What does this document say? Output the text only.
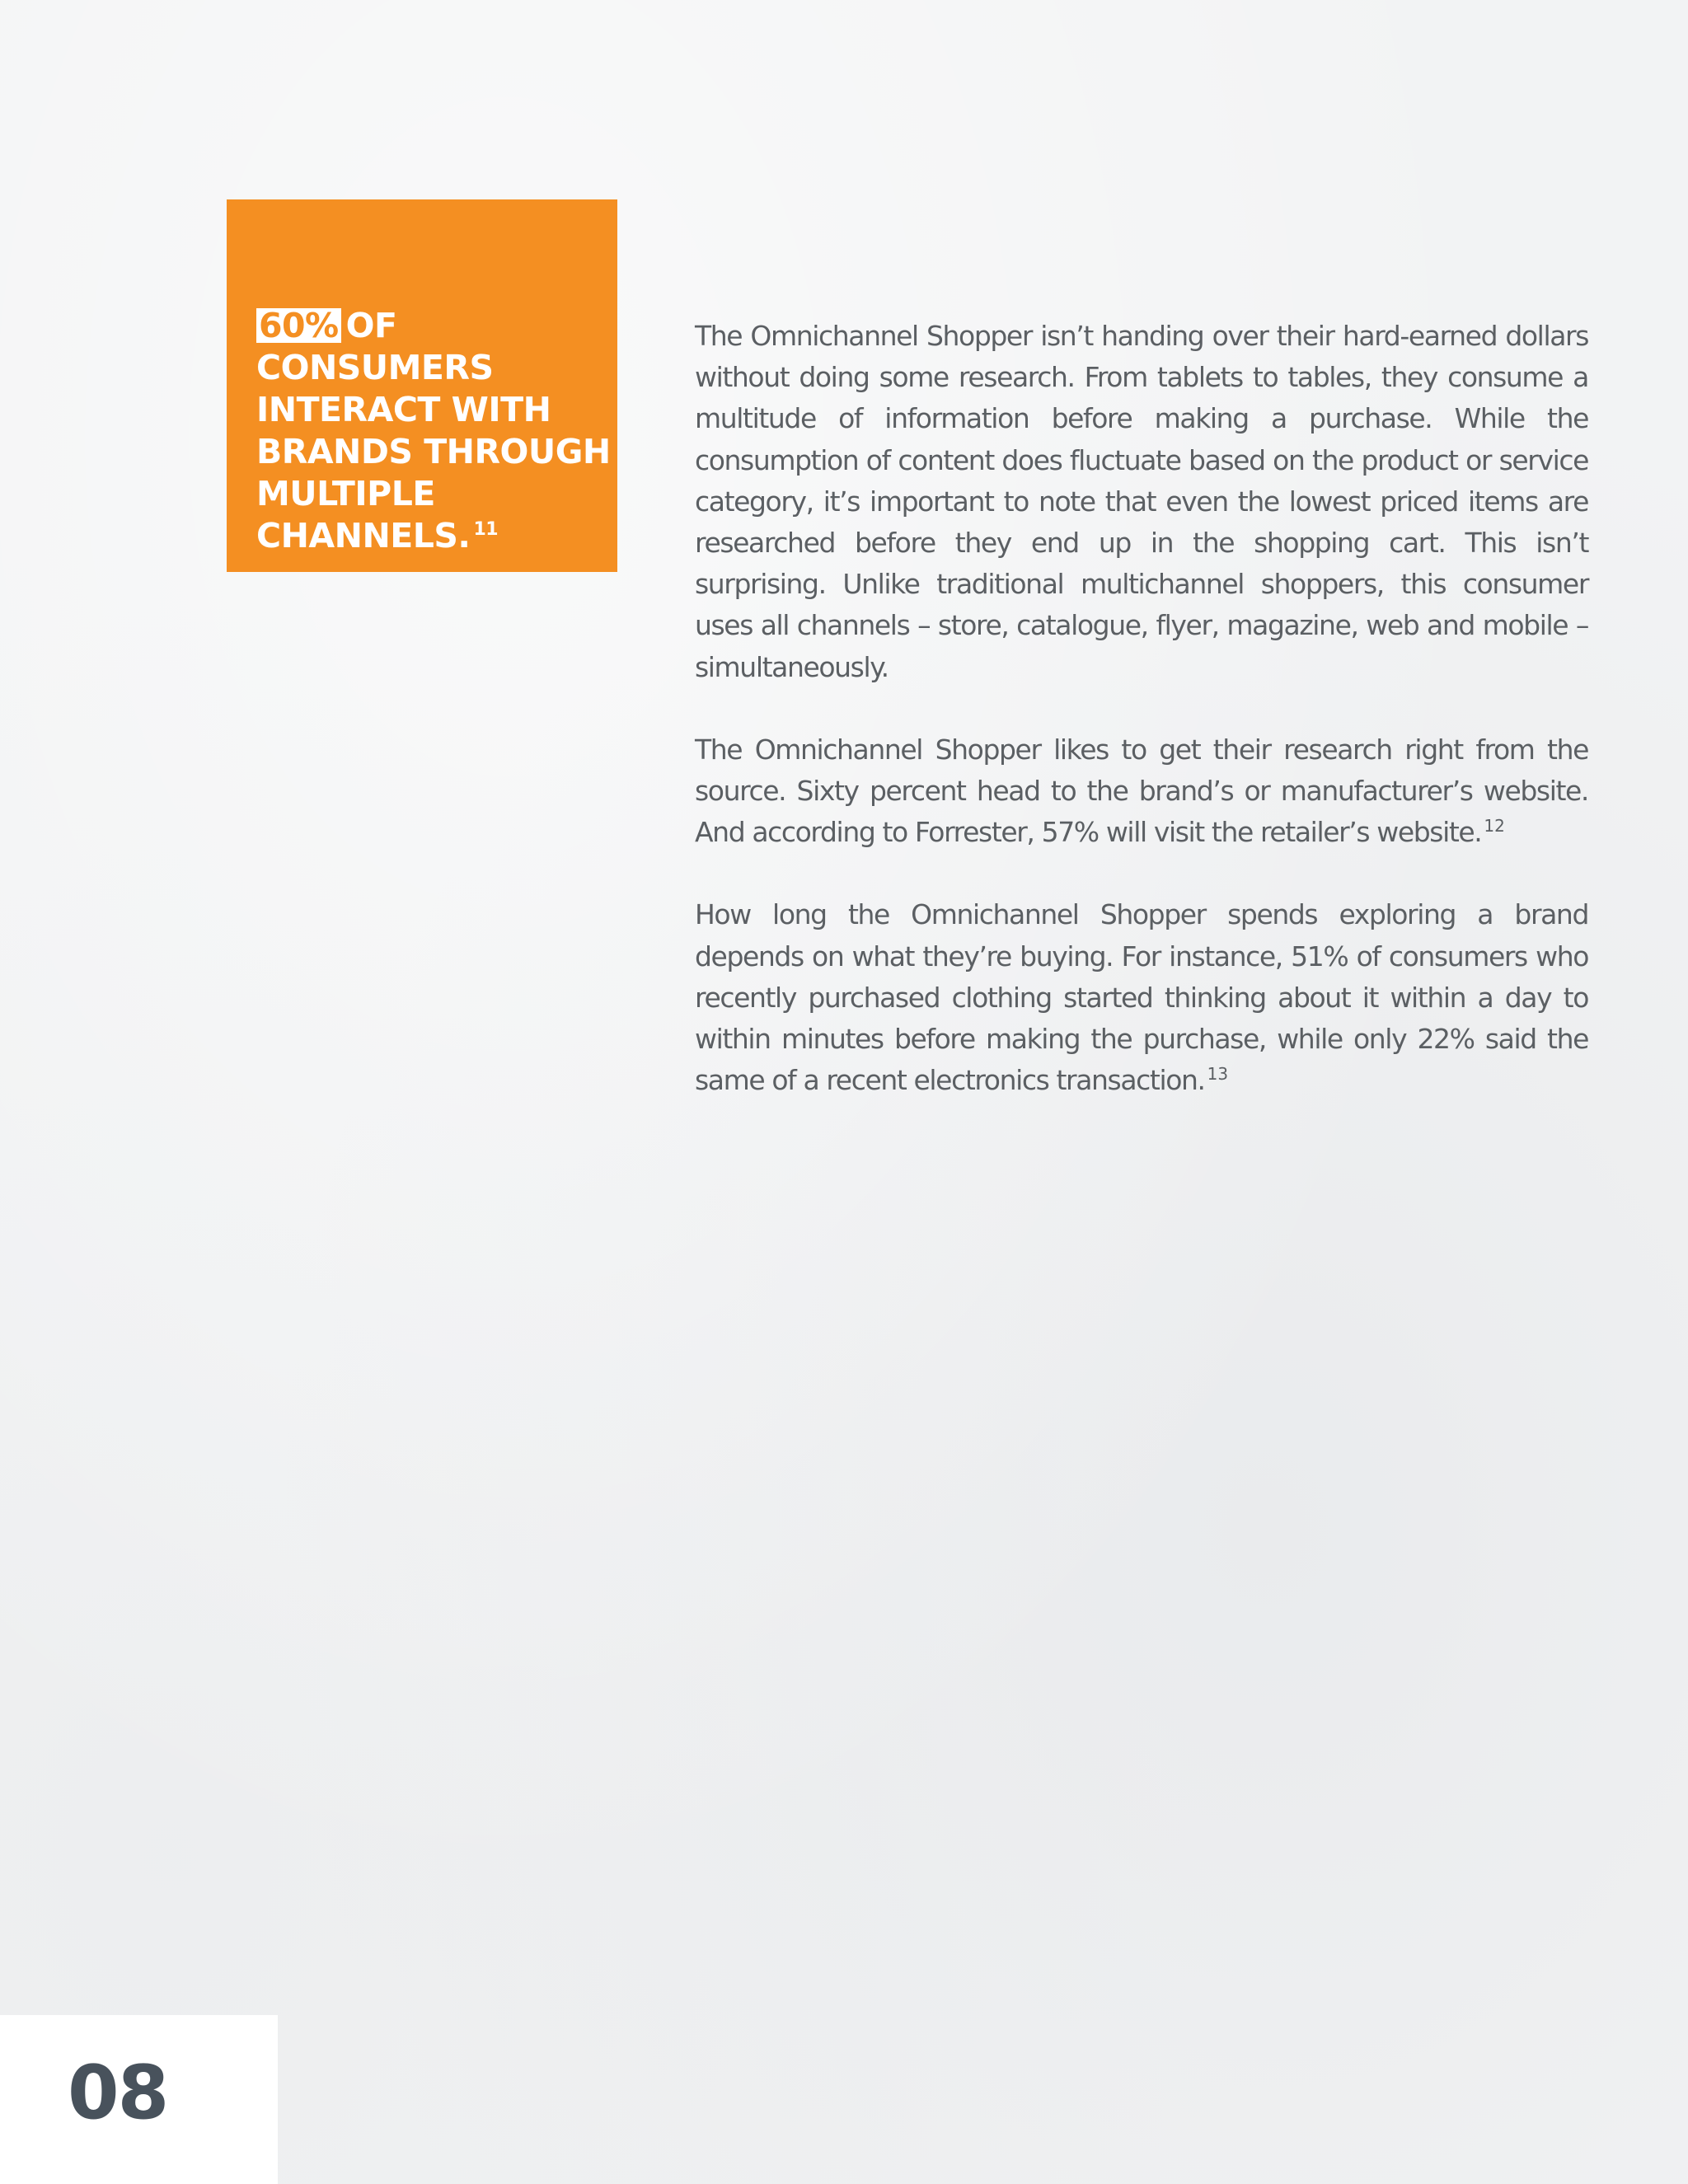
60% OF
CONSUMERS
INTERACT WITH
BRANDS THROUGH
MULTIPLE
CHANNELS. $^{11}$

The Omnichannel Shopper isn’t handing over their hard-earned dollars without doing some research. From tablets to tables, they consume a multitude of information before making a purchase. While the consumption of content does fluctuate based on the product or service category, it’s important to note that even the lowest priced items are researched before they end up in the shopping cart. This isn’t surprising. Unlike traditional multichannel shoppers, this consumer uses all channels – store, catalogue, flyer, magazine, web and mobile – simultaneously.

The Omnichannel Shopper likes to get their research right from the source. Sixty percent head to the brand’s or manufacturer’s website. And according to Forrester, 57% will visit the retailer’s website. $^{12}$

How long the Omnichannel Shopper spends exploring a brand depends on what they’re buying. For instance, 51% of consumers who recently purchased clothing started thinking about it within a day to within minutes before making the purchase, while only 22% said the same of a recent electronics transaction. $^{13}$

08
